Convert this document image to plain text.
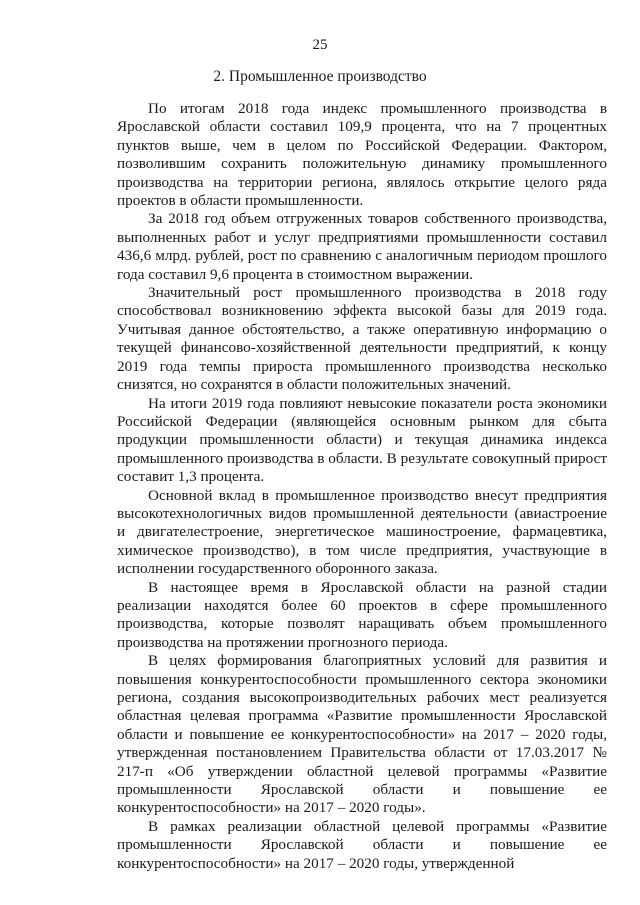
25
2. Промышленное производство

По итогам 2018 года индекс промышленного производства в Ярославской области составил 109,9 процента, что на 7 процентных пунктов выше, чем в целом по Российской Федерации. Фактором, позволившим сохранить положительную динамику промышленного производства на территории региона, являлось открытие целого ряда проектов в области промышленности.

За 2018 год объем отгруженных товаров собственного производства, выполненных работ и услуг предприятиями промышленности составил 436,6 млрд. рублей, рост по сравнению с аналогичным периодом прошлого года составил 9,6 процента в стоимостном выражении.

Значительный рост промышленного производства в 2018 году способствовал возникновению эффекта высокой базы для 2019 года. Учитывая данное обстоятельство, а также оперативную информацию о текущей финансово-хозяйственной деятельности предприятий, к концу 2019 года темпы прироста промышленного производства несколько снизятся, но сохранятся в области положительных значений.

На итоги 2019 года повлияют невысокие показатели роста экономики Российской Федерации (являющейся основным рынком для сбыта продукции промышленности области) и текущая динамика индекса промышленного производства в области. В результате совокупный прирост составит 1,3 процента.

Основной вклад в промышленное производство внесут предприятия высокотехнологичных видов промышленной деятельности (авиастроение и двигателестроение, энергетическое машиностроение, фармацевтика, химическое производство), в том числе предприятия, участвующие в исполнении государственного оборонного заказа.

В настоящее время в Ярославской области на разной стадии реализации находятся более 60 проектов в сфере промышленного производства, которые позволят наращивать объем промышленного производства на протяжении прогнозного периода.

В целях формирования благоприятных условий для развития и повышения конкурентоспособности промышленного сектора экономики региона, создания высокопроизводительных рабочих мест реализуется областная целевая программа «Развитие промышленности Ярославской области и повышение ее конкурентоспособности» на 2017 – 2020 годы, утвержденная постановлением Правительства области от 17.03.2017 № 217-п «Об утверждении областной целевой программы «Развитие промышленности Ярославской области и повышение ее конкурентоспособности» на 2017 – 2020 годы».

В рамках реализации областной целевой программы «Развитие промышленности Ярославской области и повышение ее конкурентоспособности» на 2017 – 2020 годы, утвержденной
